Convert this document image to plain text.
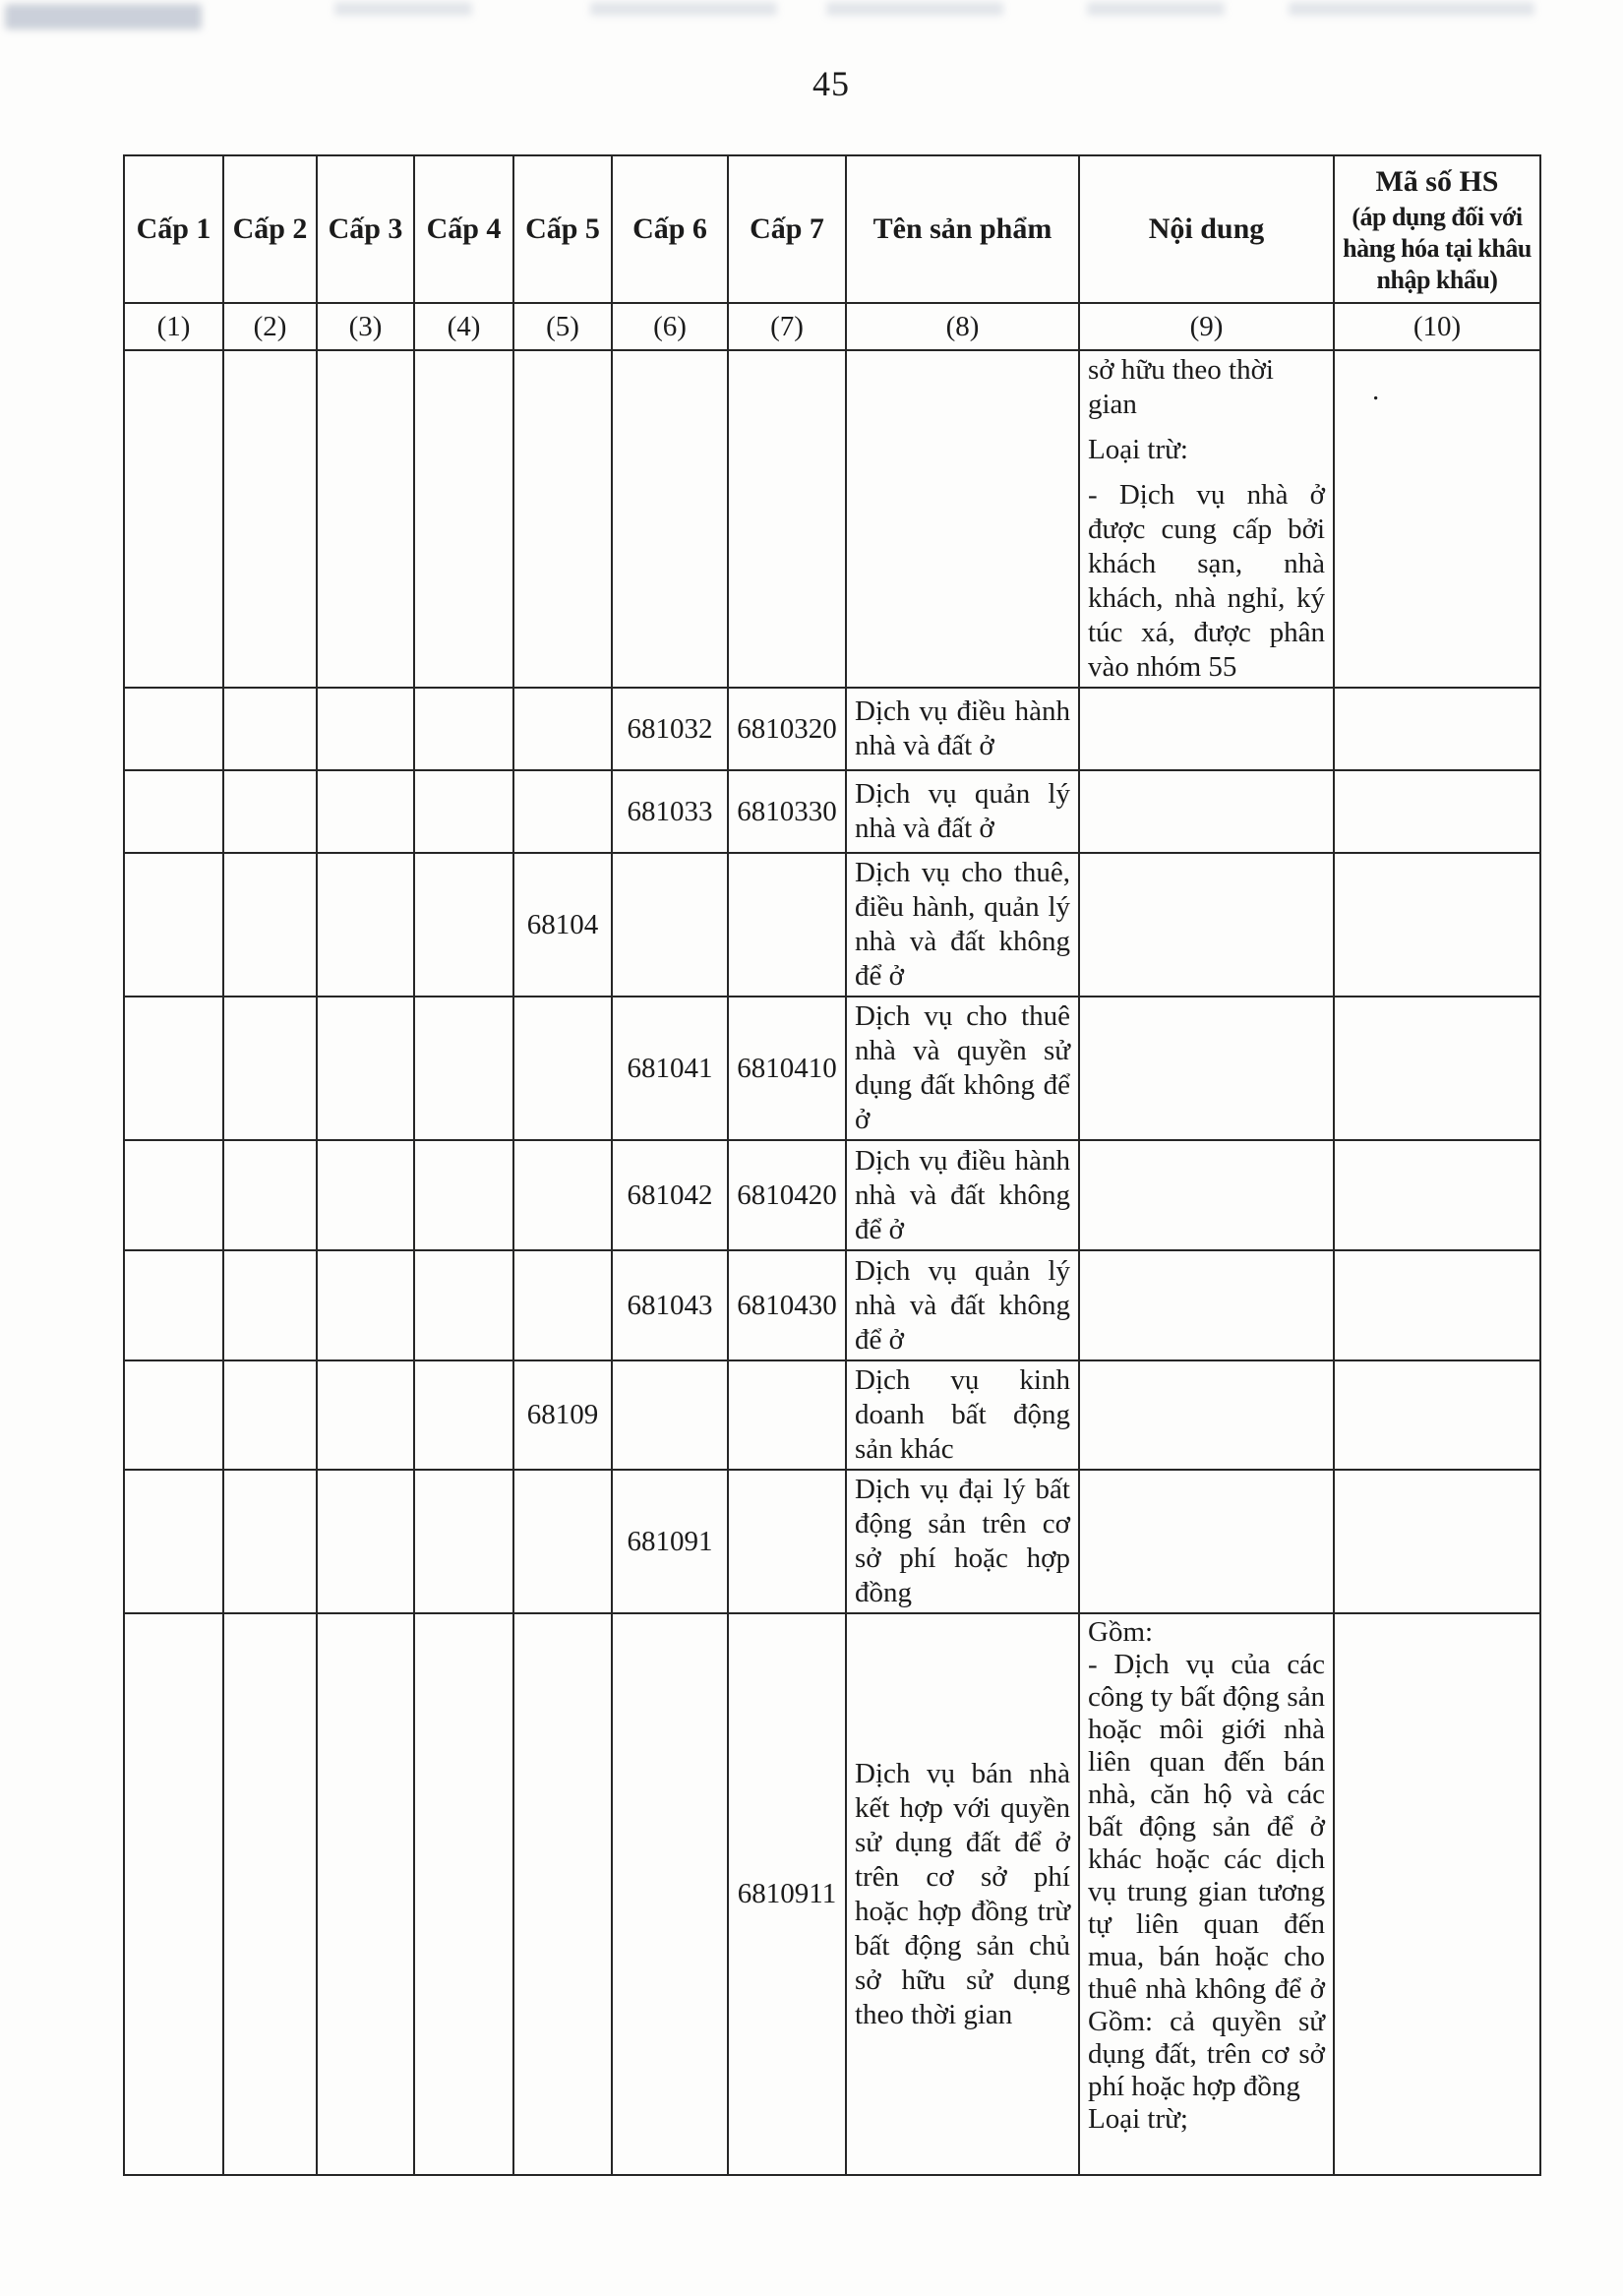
45
Cấp 1	Cấp 2	Cấp 3	Cấp 4	Cấp 5	Cấp 6	Cấp 7	Tên sản phẩm	Nội dung	Mã số HS
(áp dụng đối với hàng hóa tại khâu nhập khẩu)

(1)	(2)	(3)	(4)	(5)	(6)	(7)	(8)	(9)	(10)

								sở hữu theo thời gian

Loại trừ:

- Dịch vụ nhà ở được cung cấp bởi khách sạn, nhà khách, nhà nghỉ, ký túc xá, được phân vào nhóm 55	.
					681032	6810320	Dịch vụ điều hành nhà và đất ở		
					681033	6810330	Dịch vụ quản lý nhà và đất ở		
				68104			Dịch vụ cho thuê, điều hành, quản lý nhà và đất không để ở		
					681041	6810410	Dịch vụ cho thuê nhà và quyền sử dụng đất không để ở		
					681042	6810420	Dịch vụ điều hành nhà và đất không để ở		
					681043	6810430	Dịch vụ quản lý nhà và đất không để ở		
				68109			Dịch vụ kinh doanh bất động sản khác		
					681091		Dịch vụ đại lý bất động sản trên cơ sở phí hoặc hợp đồng		
						6810911	Dịch vụ bán nhà kết hợp với quyền sử dụng đất để ở trên cơ sở phí hoặc hợp đồng trừ bất động sản chủ sở hữu sử dụng theo thời gian	Gồm:

- Dịch vụ của các công ty bất động sản hoặc môi giới nhà liên quan đến bán nhà, căn hộ và các bất động sản để ở khác hoặc các dịch vụ trung gian tương tự liên quan đến mua, bán hoặc cho thuê nhà không để ở Gồm: cả quyền sử dụng đất, trên cơ sở phí hoặc hợp đồng

Loại trừ;	
